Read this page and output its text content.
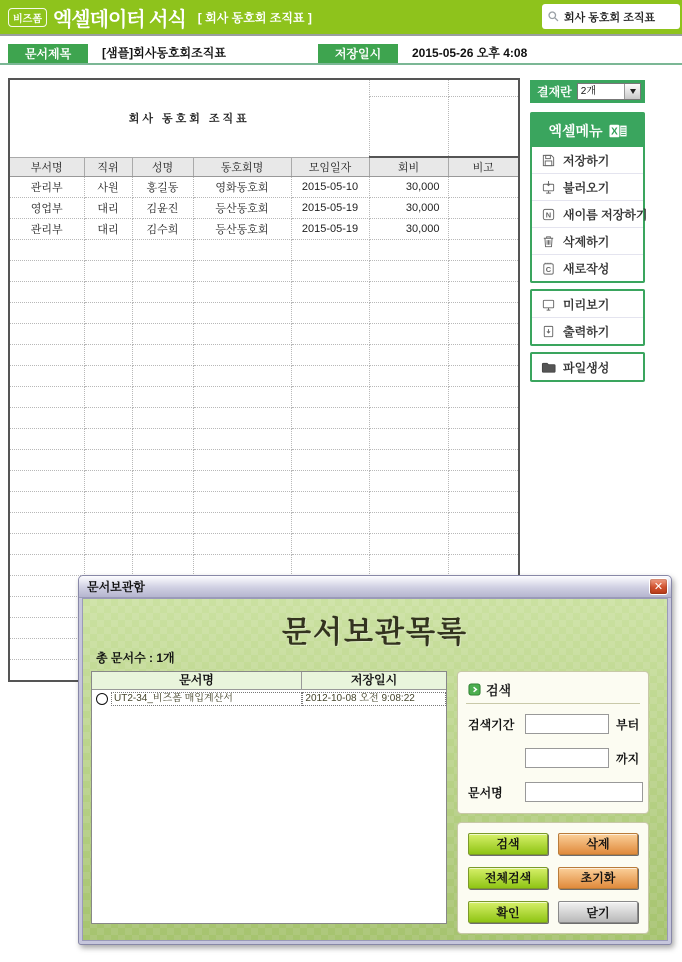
비즈폼 엑셀데이터 서식 [ 회사 동호회 조직표 ]	회사 동호회 조직표
문서제목	[샘플]회사동호회조직표	저장일시	2015-05-26 오후 4:08
회사 동호회 조직표						

부서명	직위	성명	동호회명	모임일자	회비	비고
관리부	사원	홍길동	영화동호회	2015-05-10	30,000	
영업부	대리	김윤진	등산동호회	2015-05-19	30,000	
관리부	대리	김수희	등산동호회	2015-05-19	30,000	

결재란 2개
엑셀메뉴 X
저장하기
불러오기
N 새이름 저장하기
삭제하기
C 새로작성
미리보기
출력하기
파일생성
문서보관함	✕
문서보관목록
총 문서수 : 1개
문서명	저장일시
UT2-34_비즈폼 매입계산서	2012-10-08 오전 9:08:22	검색
검색기간	부터
까지
문서명
검색	삭제
전체검색	초기화
확인	닫기
